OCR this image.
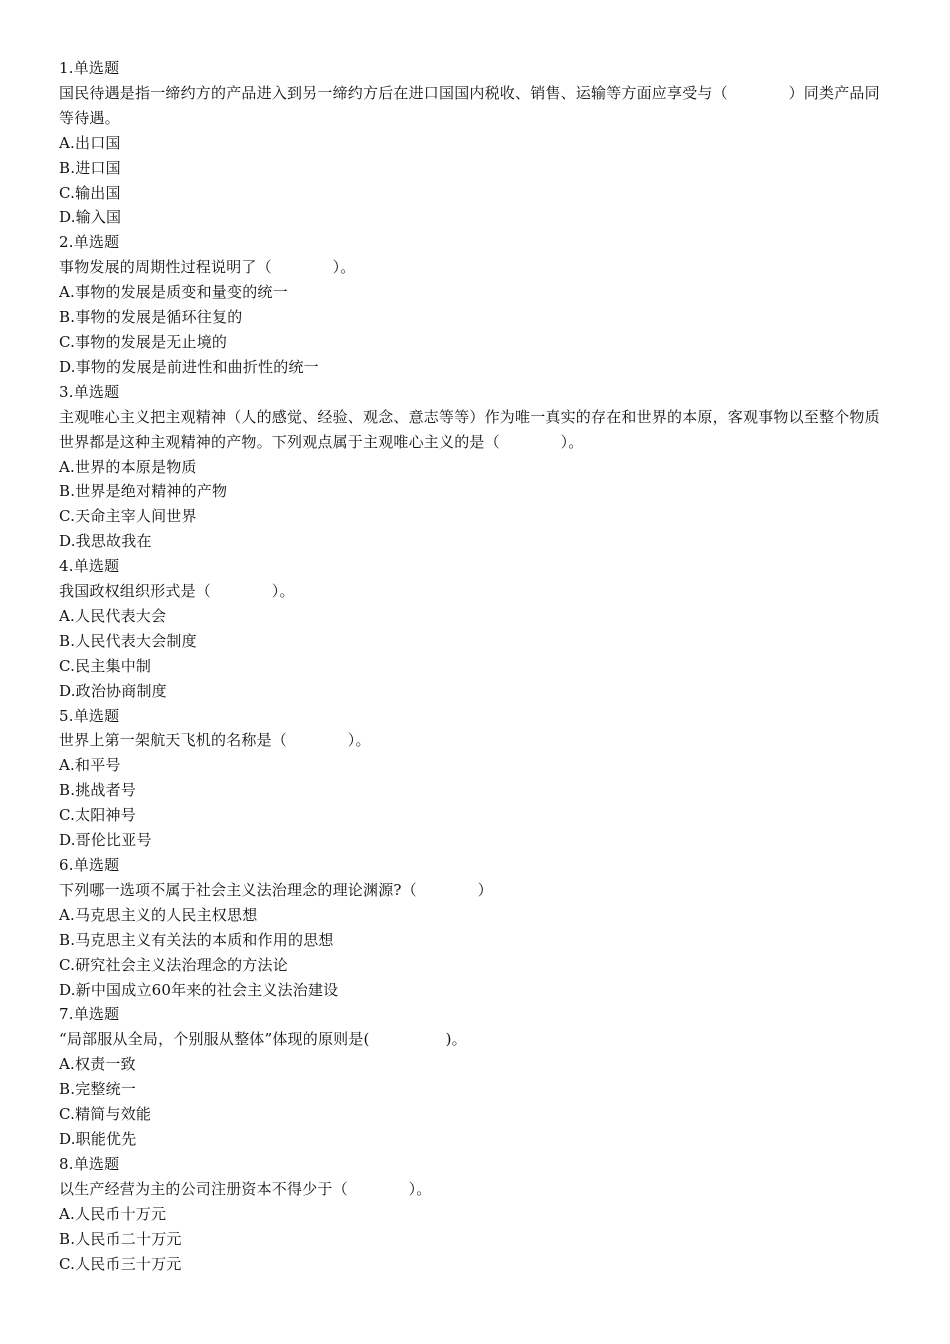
1.单选题
国民待遇是指一缔约方的产品进入到另一缔约方后在进口国国内税收、销售、运输等方面应享受与（　　　　）同类产品同等待遇。
A.出口国
B.进口国
C.输出国
D.输入国
2.单选题
事物发展的周期性过程说明了（　　　　）。
A.事物的发展是质变和量变的统一
B.事物的发展是循环往复的
C.事物的发展是无止境的
D.事物的发展是前进性和曲折性的统一
3.单选题
主观唯心主义把主观精神（人的感觉、经验、观念、意志等等）作为唯一真实的存在和世界的本原，客观事物以至整个物质世界都是这种主观精神的产物。下列观点属于主观唯心主义的是（　　　　）。
A.世界的本原是物质
B.世界是绝对精神的产物
C.天命主宰人间世界
D.我思故我在
4.单选题
我国政权组织形式是（　　　　）。
A.人民代表大会
B.人民代表大会制度
C.民主集中制
D.政治协商制度
5.单选题
世界上第一架航天飞机的名称是（　　　　）。
A.和平号
B.挑战者号
C.太阳神号
D.哥伦比亚号
6.单选题
下列哪一选项不属于社会主义法治理念的理论渊源?（　　　　）
A.马克思主义的人民主权思想
B.马克思主义有关法的本质和作用的思想
C.研究社会主义法治理念的方法论
D.新中国成立60年来的社会主义法治建设
7.单选题
“局部服从全局，个别服从整体”体现的原则是(　　　　　)。
A.权责一致
B.完整统一
C.精简与效能
D.职能优先
8.单选题
以生产经营为主的公司注册资本不得少于（　　　　）。
A.人民币十万元
B.人民币二十万元
C.人民币三十万元
